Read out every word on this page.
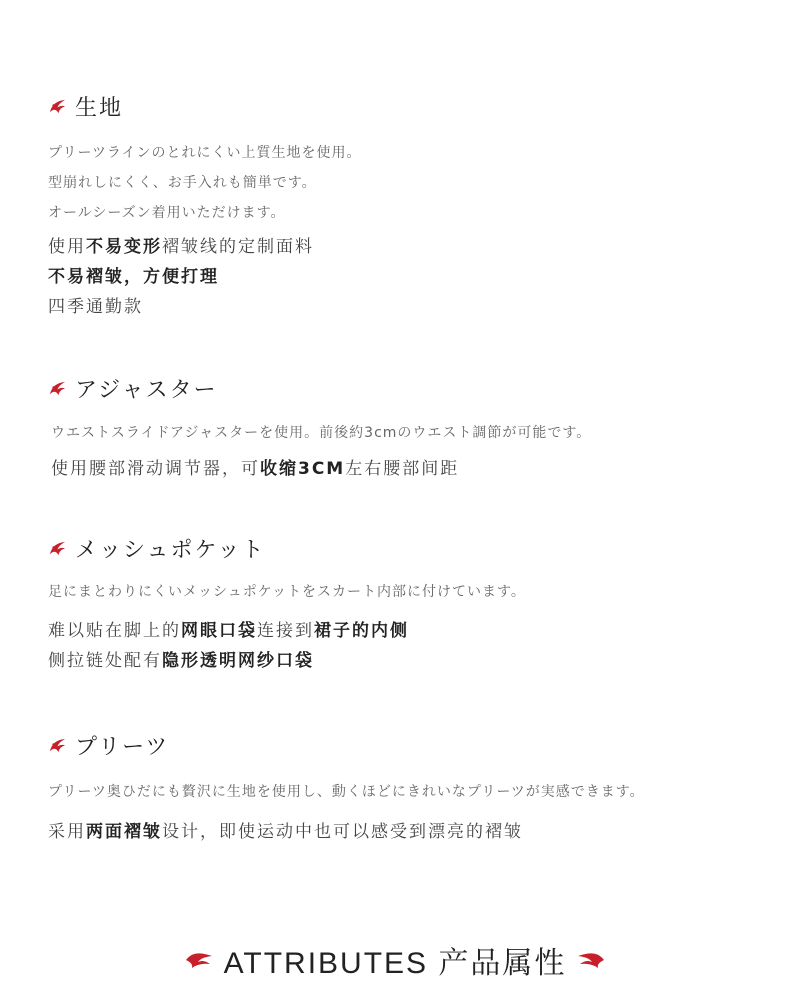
生地
プリーツラインのとれにくい上質生地を使用。
型崩れしにくく、お手入れも簡単です。
オールシーズン着用いただけます。
使用不易变形褶皱线的定制面料
不易褶皱，方便打理
四季通勤款
アジャスター
ウエストスライドアジャスターを使用。前後約3cmのウエスト調節が可能です。
使用腰部滑动调节器，可收缩3CM左右腰部间距
メッシュポケット
足にまとわりにくいメッシュポケットをスカート内部に付けています。
难以贴在脚上的网眼口袋连接到裙子的内侧
侧拉链处配有隐形透明网纱口袋
プリーツ
プリーツ奥ひだにも贅沢に生地を使用し、動くほどにきれいなプリーツが実感できます。
采用两面褶皱设计，即使运动中也可以感受到漂亮的褶皱
ATTRIBUTES 产品属性
